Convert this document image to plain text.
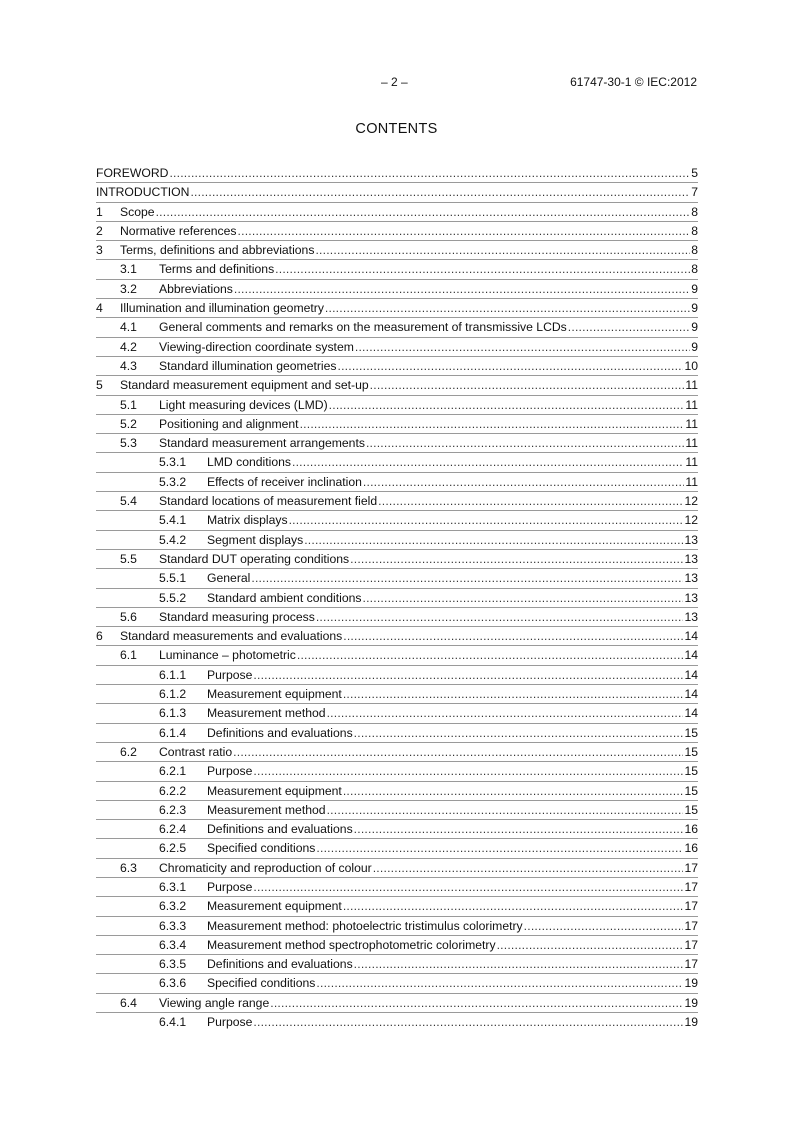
– 2 –	61747-30-1 © IEC:2012
CONTENTS
FOREWORD .....	5
INTRODUCTION .....	7
1	Scope .....	8
2	Normative references .....	8
3	Terms, definitions and abbreviations .....	8
3.1	Terms and definitions .....	8
3.2	Abbreviations .....	9
4	Illumination and illumination geometry .....	9
4.1	General comments and remarks on the measurement of transmissive LCDs .....	9
4.2	Viewing-direction coordinate system .....	9
4.3	Standard illumination geometries .....	10
5	Standard measurement equipment and set-up .....	11
5.1	Light measuring devices (LMD) .....	11
5.2	Positioning and alignment .....	11
5.3	Standard measurement arrangements .....	11
5.3.1	LMD conditions .....	11
5.3.2	Effects of receiver inclination .....	11
5.4	Standard locations of measurement field .....	12
5.4.1	Matrix displays .....	12
5.4.2	Segment displays .....	13
5.5	Standard DUT operating conditions .....	13
5.5.1	General .....	13
5.5.2	Standard ambient conditions .....	13
5.6	Standard measuring process .....	13
6	Standard measurements and evaluations .....	14
6.1	Luminance – photometric .....	14
6.1.1	Purpose .....	14
6.1.2	Measurement equipment .....	14
6.1.3	Measurement method .....	14
6.1.4	Definitions and evaluations .....	15
6.2	Contrast ratio .....	15
6.2.1	Purpose .....	15
6.2.2	Measurement equipment .....	15
6.2.3	Measurement method .....	15
6.2.4	Definitions and evaluations .....	16
6.2.5	Specified conditions .....	16
6.3	Chromaticity and reproduction of colour .....	17
6.3.1	Purpose .....	17
6.3.2	Measurement equipment .....	17
6.3.3	Measurement method: photoelectric tristimulus colorimetry .....	17
6.3.4	Measurement method spectrophotometric colorimetry .....	17
6.3.5	Definitions and evaluations .....	17
6.3.6	Specified conditions .....	19
6.4	Viewing angle range .....	19
6.4.1	Purpose .....	19
